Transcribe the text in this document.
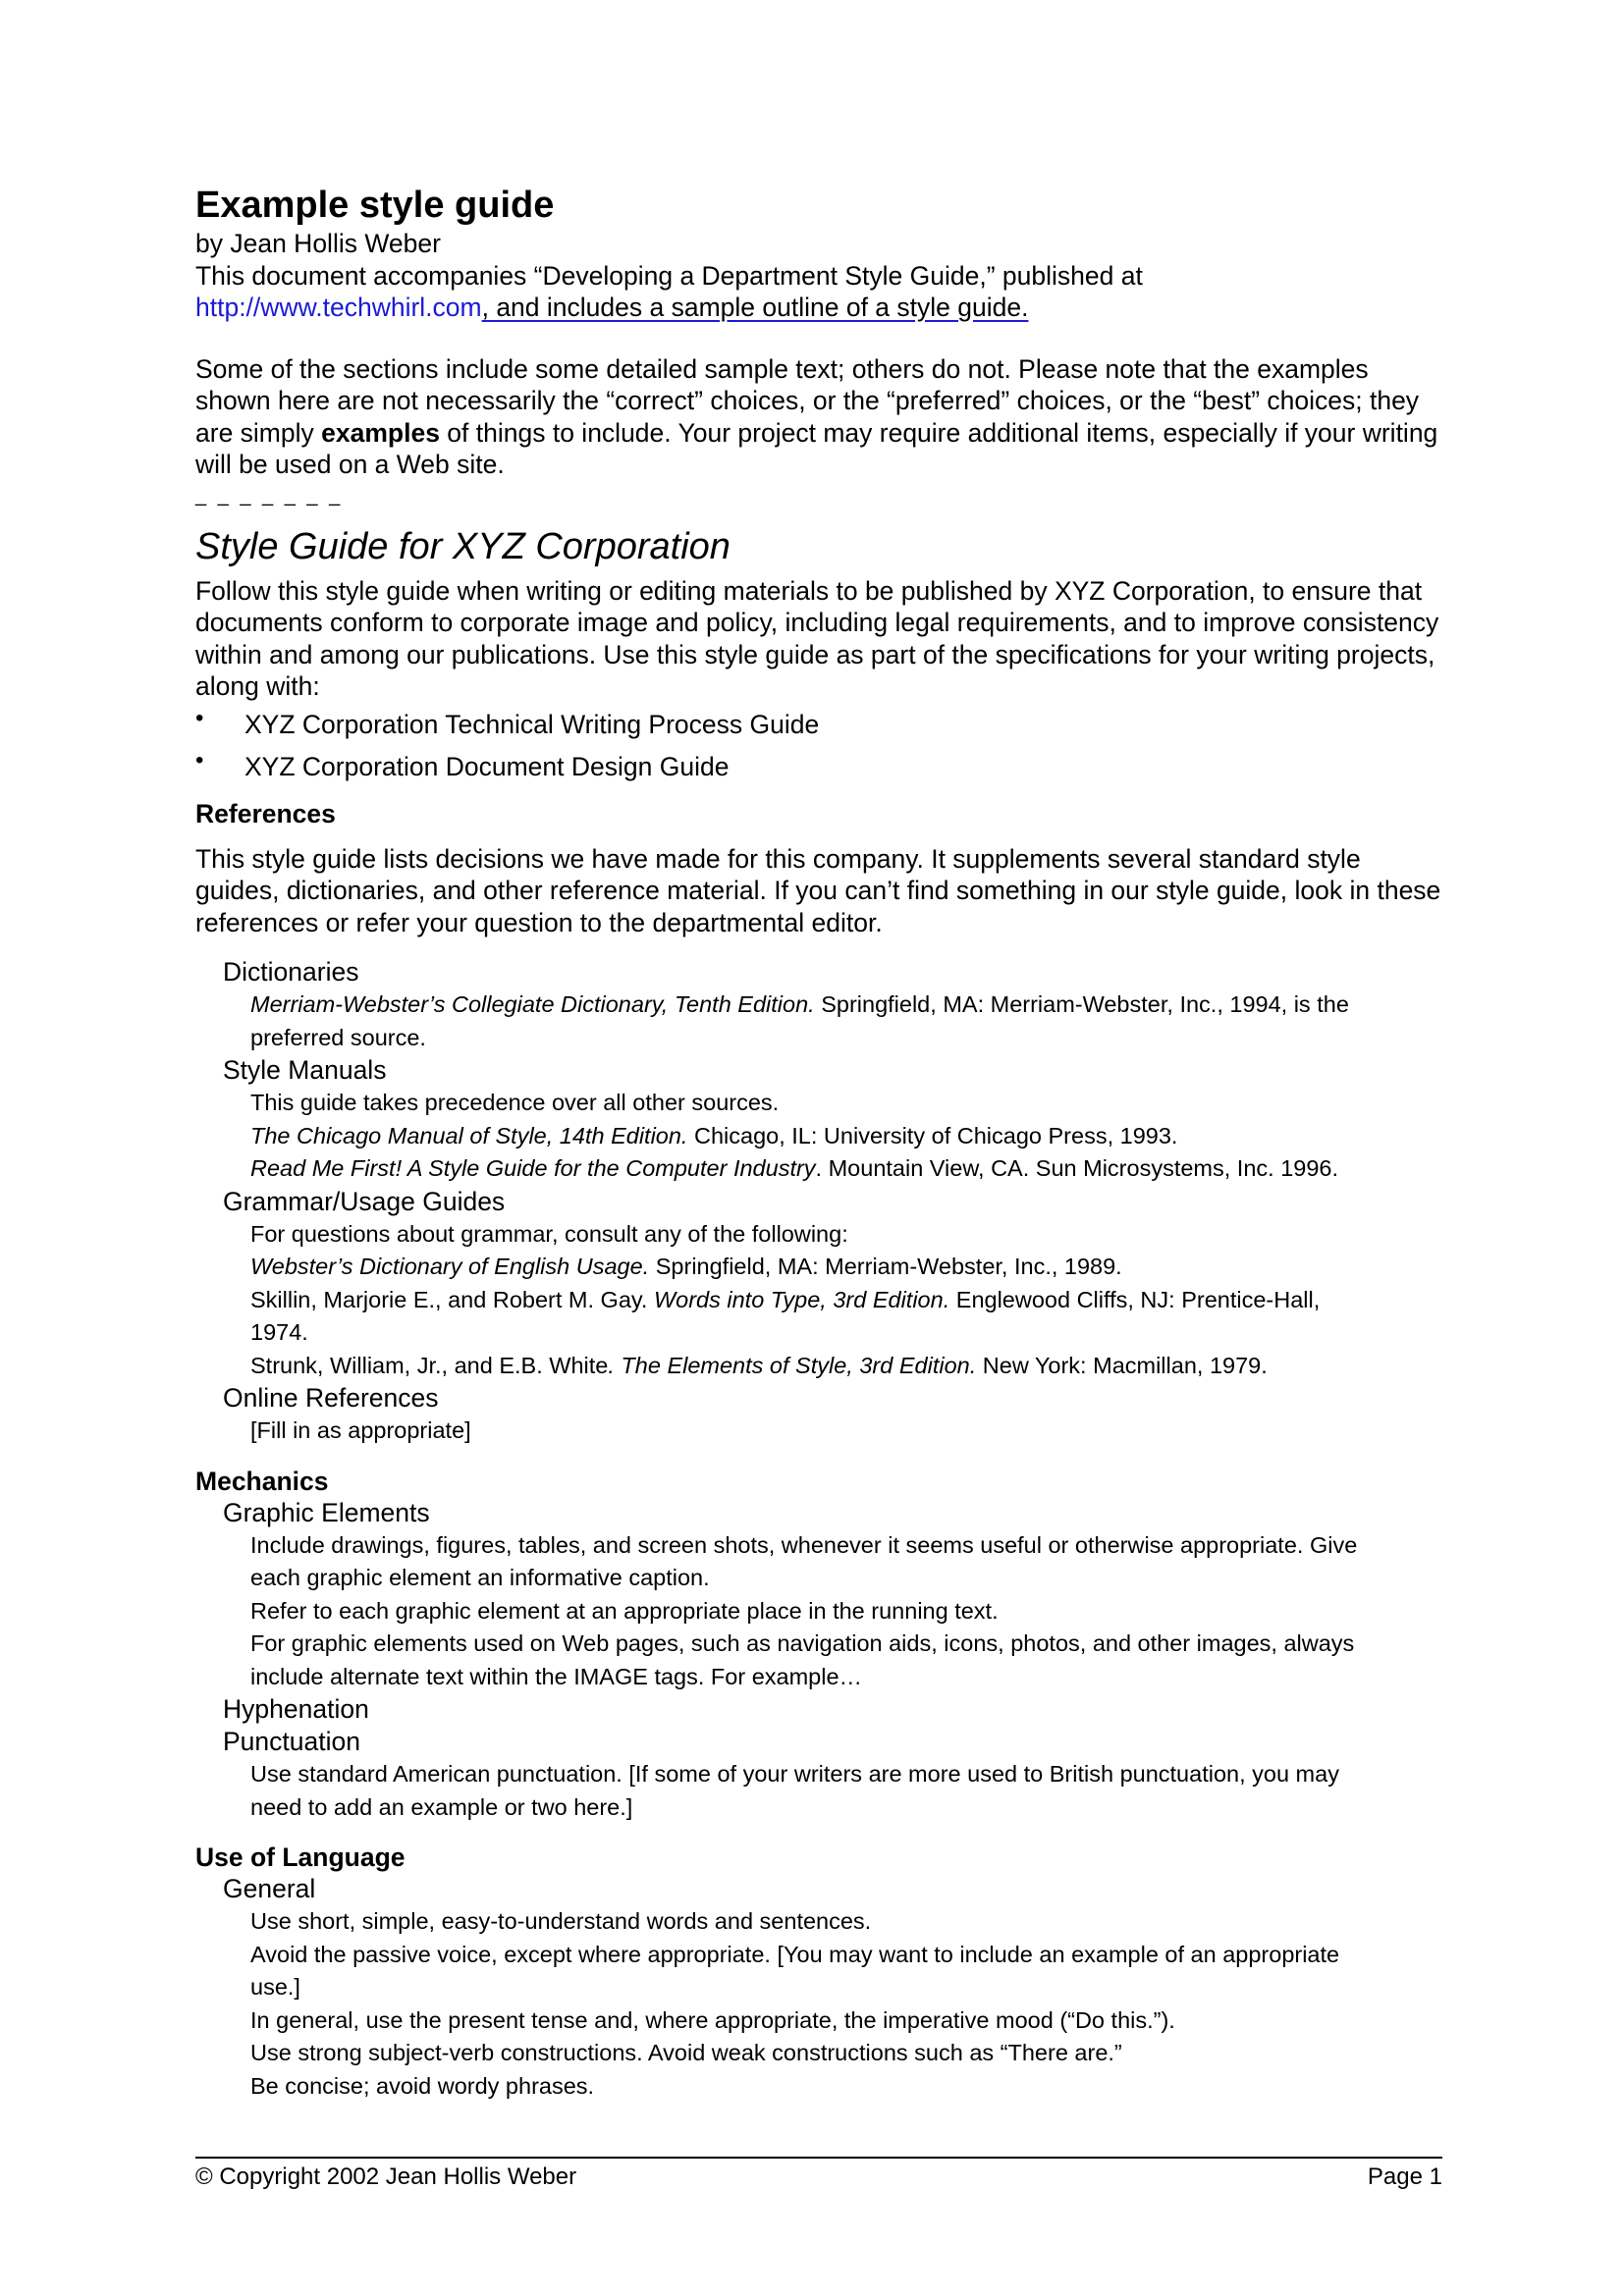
Example style guide

by Jean Hollis Weber

This document accompanies “Developing a Department Style Guide,” published at

http://www.techwhirl.com, and includes a sample outline of a style guide.

Some of the sections include some detailed sample text; others do not. Please note that the examples shown here are not necessarily the “correct” choices, or the “preferred” choices, or the “best” choices; they are simply examples of things to include. Your project may require additional items, especially if your writing will be used on a Web site.

_ _ _ _ _ _ _

Style Guide for XYZ Corporation

Follow this style guide when writing or editing materials to be published by XYZ Corporation, to ensure that documents conform to corporate image and policy, including legal requirements, and to improve consistency within and among our publications. Use this style guide as part of the specifications for your writing projects, along with:

• XYZ Corporation Technical Writing Process Guide
• XYZ Corporation Document Design Guide
References

This style guide lists decisions we have made for this company. It supplements several standard style guides, dictionaries, and other reference material. If you can’t find something in our style guide, look in these references or refer your question to the departmental editor.

Dictionaries

Merriam-Webster’s Collegiate Dictionary, Tenth Edition. Springfield, MA: Merriam-Webster, Inc., 1994, is the

preferred source.

Style Manuals

This guide takes precedence over all other sources.

The Chicago Manual of Style, 14th Edition. Chicago, IL: University of Chicago Press, 1993.

Read Me First! A Style Guide for the Computer Industry. Mountain View, CA. Sun Microsystems, Inc. 1996.

Grammar/Usage Guides

For questions about grammar, consult any of the following:

Webster’s Dictionary of English Usage. Springfield, MA: Merriam-Webster, Inc., 1989.

Skillin, Marjorie E., and Robert M. Gay. Words into Type, 3rd Edition. Englewood Cliffs, NJ: Prentice-Hall,

1974.

Strunk, William, Jr., and E.B. White. The Elements of Style, 3rd Edition. New York: Macmillan, 1979.

Online References

[Fill in as appropriate]

Mechanics

Graphic Elements

Include drawings, figures, tables, and screen shots, whenever it seems useful or otherwise appropriate. Give

each graphic element an informative caption.

Refer to each graphic element at an appropriate place in the running text.

For graphic elements used on Web pages, such as navigation aids, icons, photos, and other images, always

include alternate text within the IMAGE tags. For example…

Hyphenation

Punctuation

Use standard American punctuation. [If some of your writers are more used to British punctuation, you may

need to add an example or two here.]

Use of Language

General

Use short, simple, easy-to-understand words and sentences.

Avoid the passive voice, except where appropriate. [You may want to include an example of an appropriate

use.]

In general, use the present tense and, where appropriate, the imperative mood (“Do this.”).

Use strong subject-verb constructions. Avoid weak constructions such as “There are.”

Be concise; avoid wordy phrases.

© Copyright 2002 Jean Hollis Weber	Page 1
